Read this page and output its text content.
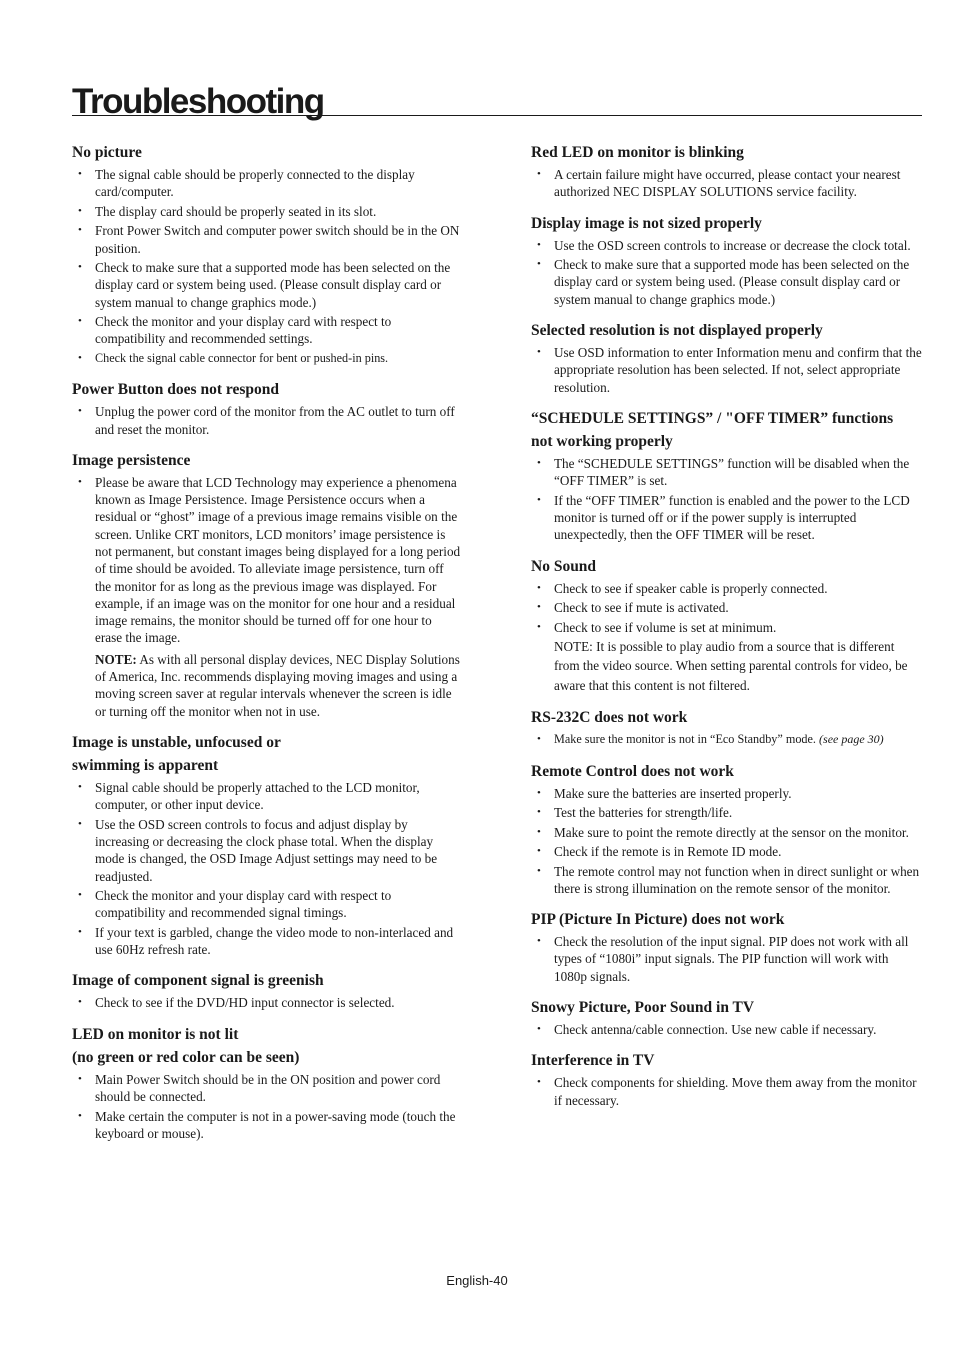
Troubleshooting
No picture
• The signal cable should be properly connected to the display card/computer.
• The display card should be properly seated in its slot.
• Front Power Switch and computer power switch should be in the ON position.
• Check to make sure that a supported mode has been selected on the display card or system being used. (Please consult display card or system manual to change graphics mode.)
• Check the monitor and your display card with respect to compatibility and recommended settings.
• Check the signal cable connector for bent or pushed-in pins.
Power Button does not respond
• Unplug the power cord of the monitor from the AC outlet to turn off and reset the monitor.
Image persistence
• Please be aware that LCD Technology may experience a phenomena known as Image Persistence. Image Persistence occurs when a residual or “ghost” image of a previous image remains visible on the screen. Unlike CRT monitors, LCD monitors’ image persistence is not permanent, but constant images being displayed for a long period of time should be avoided. To alleviate image persistence, turn off the monitor for as long as the previous image was displayed. For example, if an image was on the monitor for one hour and a residual image remains, the monitor should be turned off for one hour to erase the image.
NOTE: As with all personal display devices, NEC Display Solutions of America, Inc. recommends displaying moving images and using a moving screen saver at regular intervals whenever the screen is idle or turning off the monitor when not in use.
Image is unstable, unfocused or
swimming is apparent
• Signal cable should be properly attached to the LCD monitor, computer, or other input device.
• Use the OSD screen controls to focus and adjust display by increasing or decreasing the clock phase total. When the display mode is changed, the OSD Image Adjust settings may need to be readjusted.
• Check the monitor and your display card with respect to compatibility and recommended signal timings.
• If your text is garbled, change the video mode to non-interlaced and use 60Hz refresh rate.
Image of component signal is greenish
• Check to see if the DVD/HD input connector is selected.
LED on monitor is not lit
(no green or red color can be seen)
• Main Power Switch should be in the ON position and power cord should be connected.
• Make certain the computer is not in a power-saving mode (touch the keyboard or mouse).
Red LED on monitor is blinking
• A certain failure might have occurred, please contact your nearest authorized NEC DISPLAY SOLUTIONS service facility.
Display image is not sized properly
• Use the OSD screen controls to increase or decrease the clock total.
• Check to make sure that a supported mode has been selected on the display card or system being used. (Please consult display card or system manual to change graphics mode.)
Selected resolution is not displayed properly
• Use OSD information to enter Information menu and confirm that the appropriate resolution has been selected. If not, select appropriate resolution.
“SCHEDULE SETTINGS” / "OFF TIMER” functions
not working properly
• The “SCHEDULE SETTINGS” function will be disabled when the “OFF TIMER” is set.
• If the “OFF TIMER” function is enabled and the power to the LCD monitor is turned off or if the power supply is interrupted unexpectedly, then the OFF TIMER will be reset.
No Sound
• Check to see if speaker cable is properly connected.
• Check to see if mute is activated.
• Check to see if volume is set at minimum.
NOTE: It is possible to play audio from a source that is different from the video source. When setting parental controls for video, be aware that this content is not filtered.
RS-232C does not work
• Make sure the monitor is not in “Eco Standby” mode. (see page 30)
Remote Control does not work
• Make sure the batteries are inserted properly.
• Test the batteries for strength/life.
• Make sure to point the remote directly at the sensor on the monitor.
• Check if the remote is in Remote ID mode.
• The remote control may not function when in direct sunlight or when there is strong illumination on the remote sensor of the monitor.
PIP (Picture In Picture) does not work
• Check the resolution of the input signal. PIP does not work with all types of “1080i” input signals. The PIP function will work with 1080p signals.
Snowy Picture, Poor Sound in TV
• Check antenna/cable connection. Use new cable if necessary.
Interference in TV
• Check components for shielding. Move them away from the monitor if necessary.
English-40
